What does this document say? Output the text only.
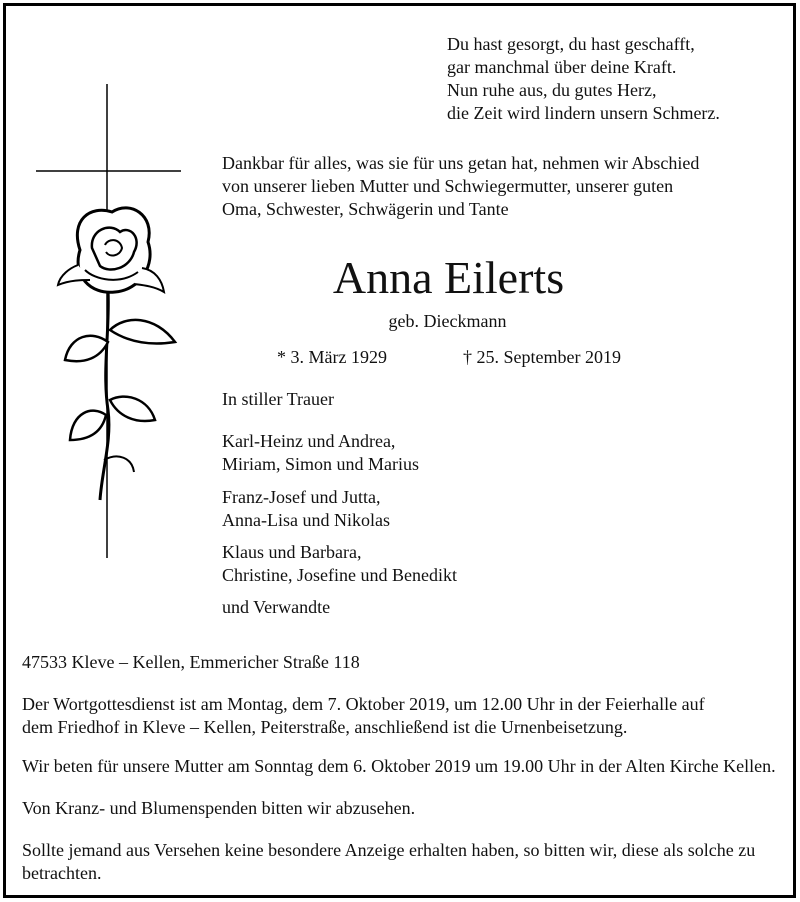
Du hast gesorgt, du hast geschafft,
gar manchmal über deine Kraft.
Nun ruhe aus, du gutes Herz,
die Zeit wird lindern unsern Schmerz.
Dankbar für alles, was sie für uns getan hat, nehmen wir Abschied
von unserer lieben Mutter und Schwiegermutter, unserer guten
Oma, Schwester, Schwägerin und Tante
Anna Eilerts
geb. Dieckmann
* 3. März 1929	† 25. September 2019
In stiller Trauer
Karl-Heinz und Andrea,
Miriam, Simon und Marius
Franz-Josef und Jutta,
Anna-Lisa und Nikolas
Klaus und Barbara,
Christine, Josefine und Benedikt
und Verwandte
47533 Kleve – Kellen, Emmericher Straße 118
Der Wortgottesdienst ist am Montag, dem 7. Oktober 2019, um 12.00 Uhr in der Feierhalle auf
dem Friedhof in Kleve – Kellen, Peiterstraße, anschließend ist die Urnenbeisetzung.
Wir beten für unsere Mutter am Sonntag dem 6. Oktober 2019 um 19.00 Uhr in der Alten Kirche Kellen.
Von Kranz- und Blumenspenden bitten wir abzusehen.
Sollte jemand aus Versehen keine besondere Anzeige erhalten haben, so bitten wir, diese als solche zu
betrachten.
